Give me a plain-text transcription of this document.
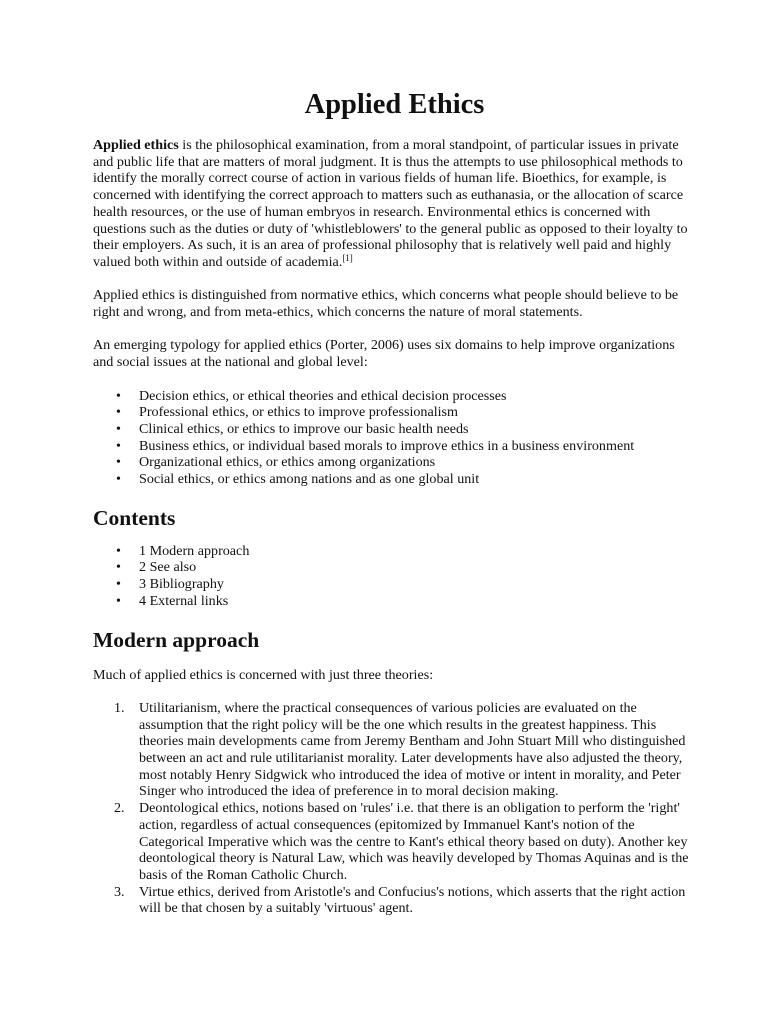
Applied Ethics

Applied ethics is the philosophical examination, from a moral standpoint, of particular issues in private and public life that are matters of moral judgment. It is thus the attempts to use philosophical methods to identify the morally correct course of action in various fields of human life. Bioethics, for example, is concerned with identifying the correct approach to matters such as euthanasia, or the allocation of scarce health resources, or the use of human embryos in research. Environmental ethics is concerned with questions such as the duties or duty of 'whistleblowers' to the general public as opposed to their loyalty to their employers. As such, it is an area of professional philosophy that is relatively well paid and highly valued both within and outside of academia.[1]

Applied ethics is distinguished from normative ethics, which concerns what people should believe to be right and wrong, and from meta-ethics, which concerns the nature of moral statements.

An emerging typology for applied ethics (Porter, 2006) uses six domains to help improve organizations and social issues at the national and global level:

• Decision ethics, or ethical theories and ethical decision processes
• Professional ethics, or ethics to improve professionalism
• Clinical ethics, or ethics to improve our basic health needs
• Business ethics, or individual based morals to improve ethics in a business environment
• Organizational ethics, or ethics among organizations
• Social ethics, or ethics among nations and as one global unit
Contents
• 1 Modern approach
• 2 See also
• 3 Bibliography
• 4 External links
Modern approach

Much of applied ethics is concerned with just three theories:

1. Utilitarianism, where the practical consequences of various policies are evaluated on the assumption that the right policy will be the one which results in the greatest happiness. This theories main developments came from Jeremy Bentham and John Stuart Mill who distinguished between an act and rule utilitarianist morality. Later developments have also adjusted the theory, most notably Henry Sidgwick who introduced the idea of motive or intent in morality, and Peter Singer who introduced the idea of preference in to moral decision making.
2. Deontological ethics, notions based on 'rules' i.e. that there is an obligation to perform the 'right' action, regardless of actual consequences (epitomized by Immanuel Kant's notion of the Categorical Imperative which was the centre to Kant's ethical theory based on duty). Another key deontological theory is Natural Law, which was heavily developed by Thomas Aquinas and is the basis of the Roman Catholic Church.
3. Virtue ethics, derived from Aristotle's and Confucius's notions, which asserts that the right action will be that chosen by a suitably 'virtuous' agent.
